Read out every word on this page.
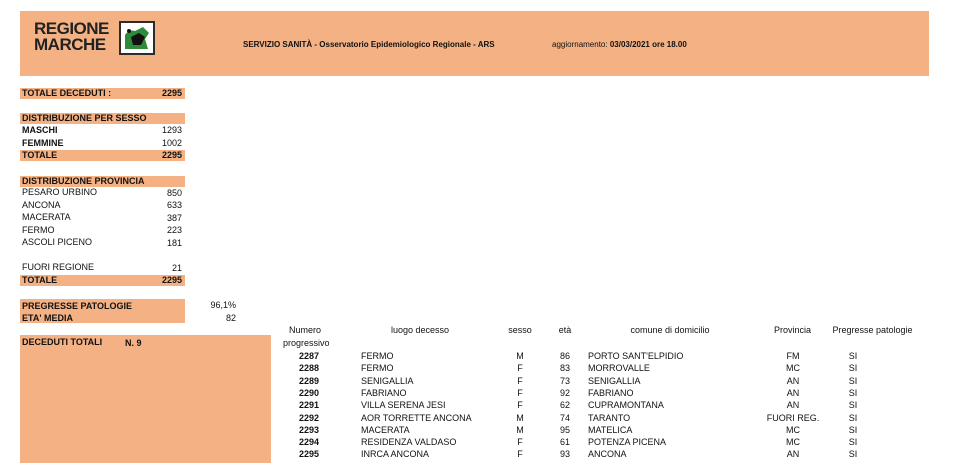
REGIONE
MARCHE	SERVIZIO SANITÀ - Osservatorio Epidemiologico Regionale - ARS	aggiornamento: 03/03/2021 ore 18.00
TOTALE DECEDUTI :	2295
DISTRIBUZIONE PER SESSO
MASCHI	1293
FEMMINE	1002
TOTALE	2295
DISTRIBUZIONE PROVINCIA
PESARO URBINO	850
ANCONA	633
MACERATA	387
FERMO	223
ASCOLI PICENO	181
FUORI REGIONE	21
TOTALE	2295
PREGRESSE PATOLOGIE	96,1%
ETA' MEDIA	82
DECEDUTI TOTALI	N. 9
Numero
progressivo
luogo decesso	sesso	età	comune di domicilio	Provincia	Pregresse patologie
2287	FERMO	M	86 PORTO SANT'ELPIDIO	FM	SI
2288	FERMO	F	83 MORROVALLE	MC	SI
2289	SENIGALLIA	F	73 SENIGALLIA	AN	SI
2290	FABRIANO	F	92 FABRIANO	AN	SI
2291	VILLA SERENA JESI	F	62 CUPRAMONTANA	AN	SI
2292	AOR TORRETTE ANCONA	M	74 TARANTO	FUORI REG.	SI
2293	MACERATA	M	95 MATELICA	MC	SI
2294	RESIDENZA VALDASO	F	61 POTENZA PICENA	MC	SI
2295	INRCA ANCONA	F	93 ANCONA	AN	SI
